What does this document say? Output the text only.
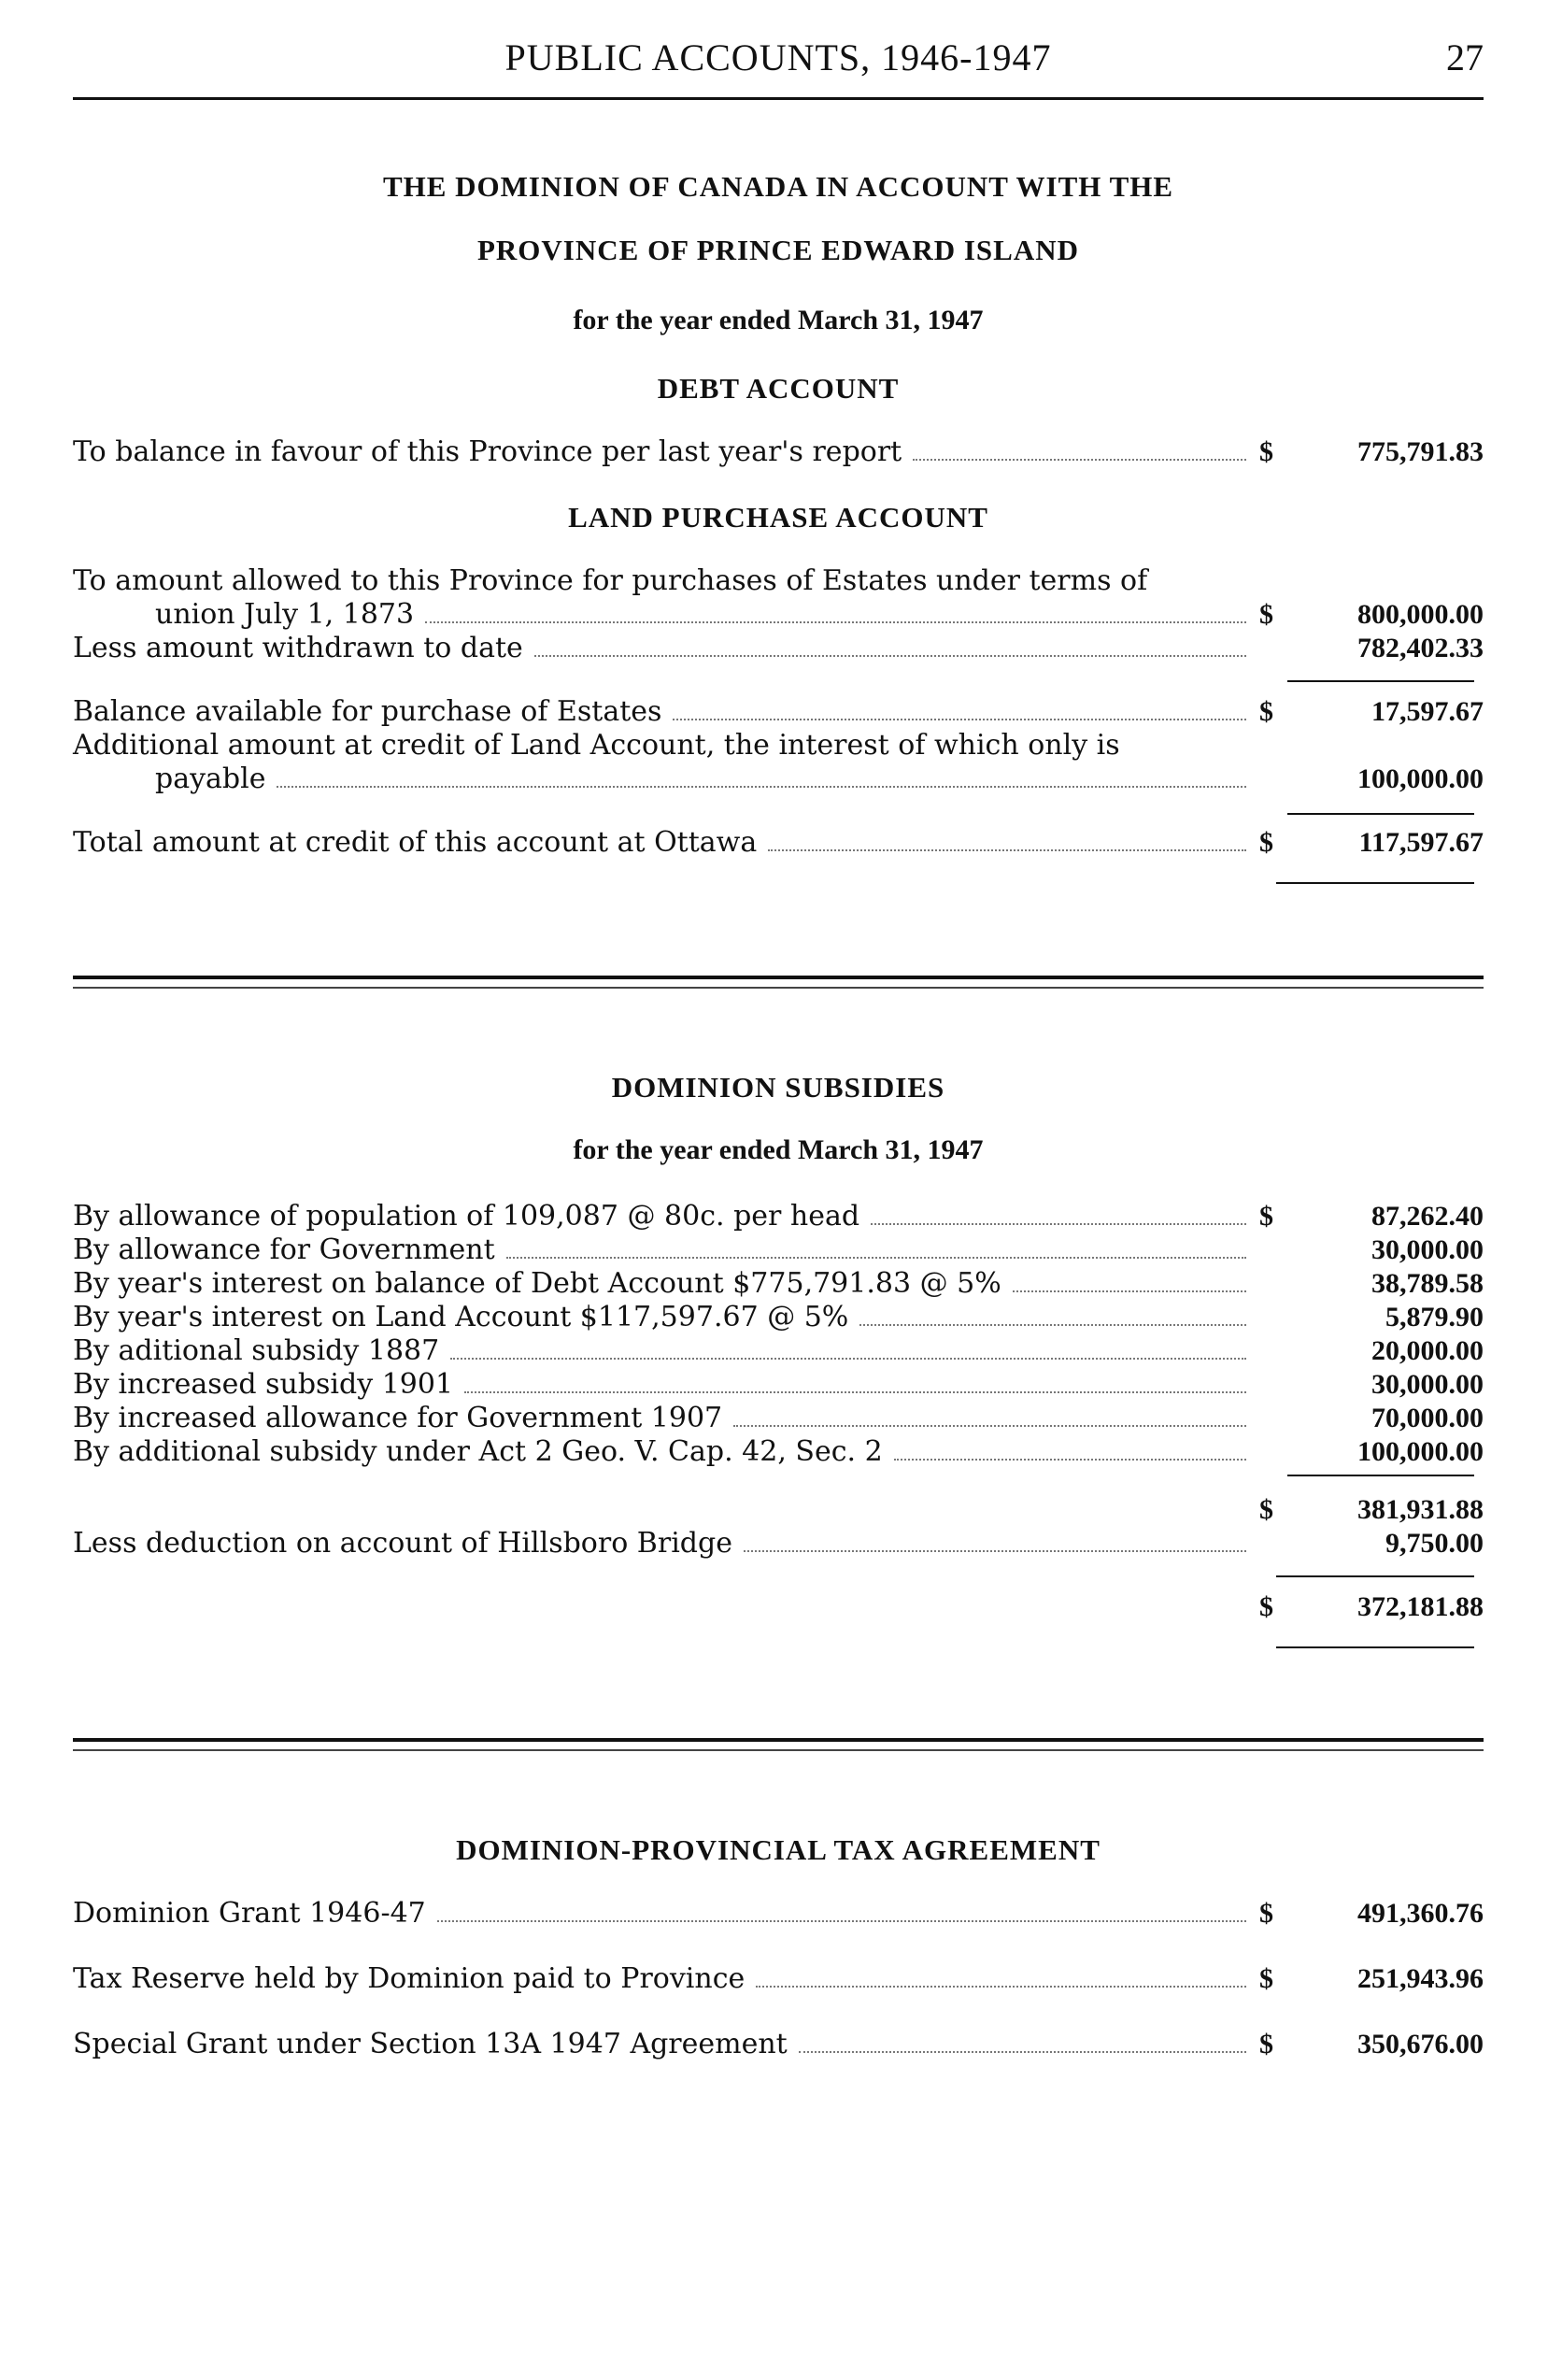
PUBLIC ACCOUNTS, 1946-1947	27
THE DOMINION OF CANADA IN ACCOUNT WITH THE
PROVINCE OF PRINCE EDWARD ISLAND
for the year ended March 31, 1947
DEBT ACCOUNT
To balance in favour of this Province per last year's report	$	775,791.83
LAND PURCHASE ACCOUNT
To amount allowed to this Province for purchases of Estates under terms of
union July 1, 1873	$	800,000.00
Less amount withdrawn to date	782,402.33
Balance available for purchase of Estates	$	17,597.67
Additional amount at credit of Land Account, the interest of which only is
payable	100,000.00
Total amount at credit of this account at Ottawa	$	117,597.67
DOMINION SUBSIDIES
for the year ended March 31, 1947
By allowance of population of 109,087 @ 80c. per head	$	87,262.40
By allowance for Government	30,000.00
By year's interest on balance of Debt Account $775,791.83 @ 5%	38,789.58
By year's interest on Land Account $117,597.67 @ 5%	5,879.90
By aditional subsidy 1887	20,000.00
By increased subsidy 1901	30,000.00
By increased allowance for Government 1907	70,000.00
By additional subsidy under Act 2 Geo. V. Cap. 42, Sec. 2	100,000.00
$	381,931.88
Less deduction on account of Hillsboro Bridge	9,750.00
$	372,181.88
DOMINION-PROVINCIAL TAX AGREEMENT
Dominion Grant 1946-47	$	491,360.76
Tax Reserve held by Dominion paid to Province	$	251,943.96
Special Grant under Section 13A 1947 Agreement	$	350,676.00
